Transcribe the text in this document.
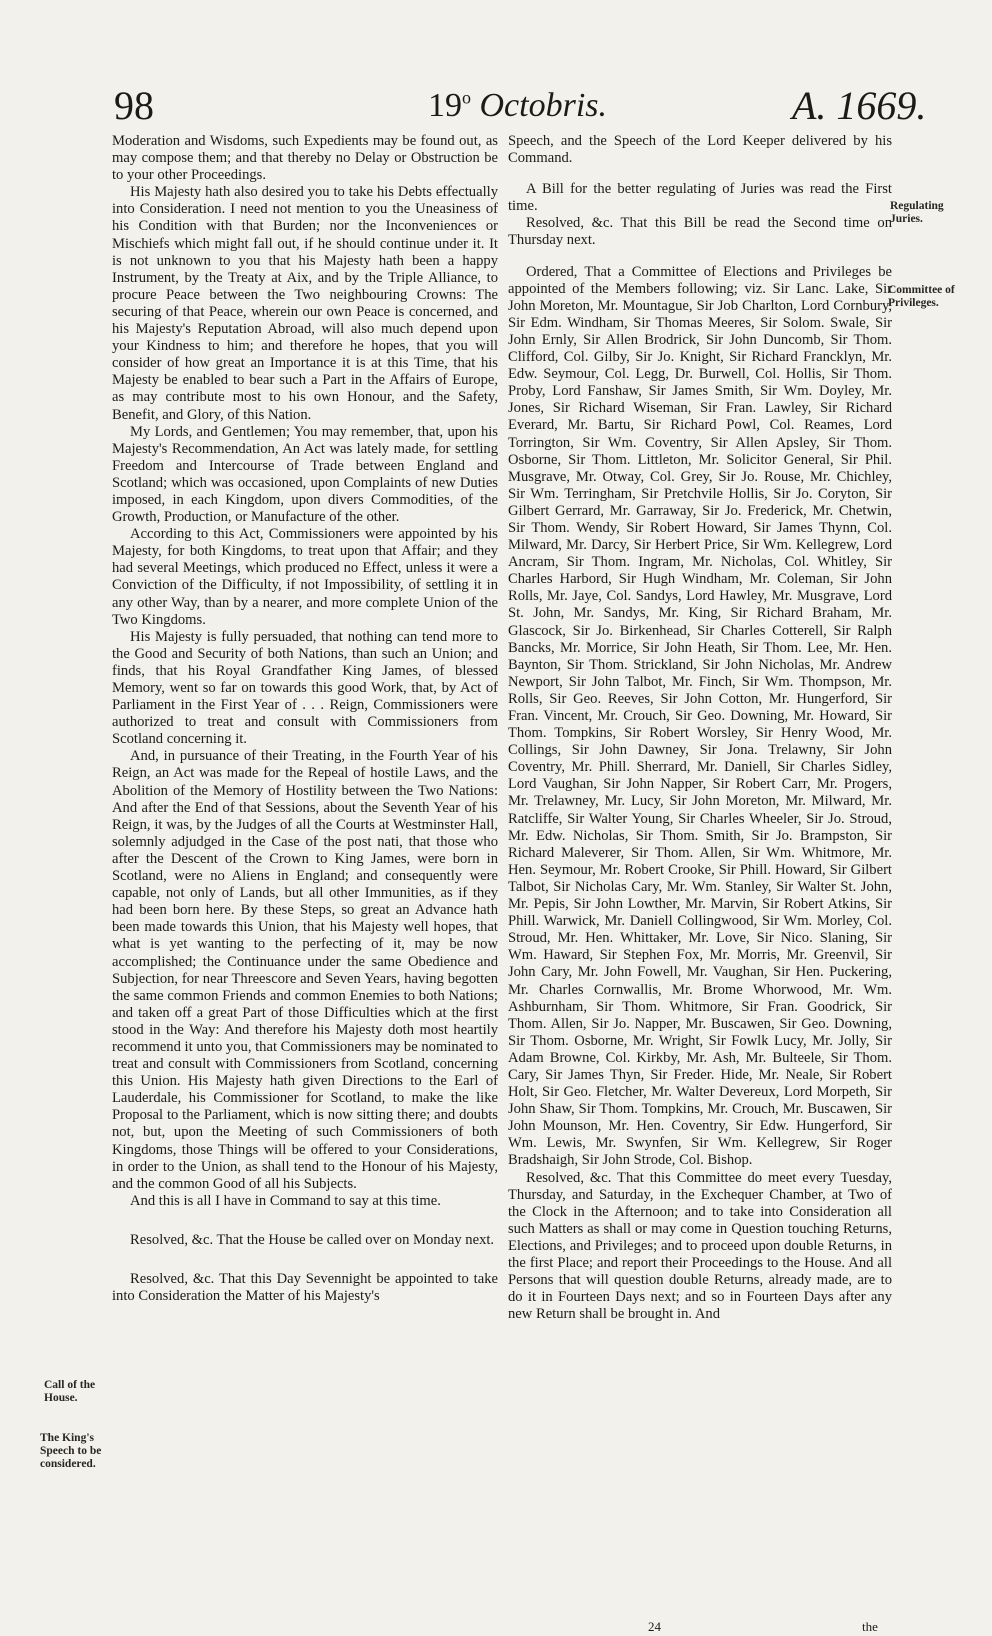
98	19$^o$ Octobris.	A. 1669.

Moderation and Wisdoms, such Expedients may be found out, as may compose them; and that thereby no Delay or Obstruction be to your other Proceedings.

His Majesty hath also desired you to take his Debts effectually into Consideration. I need not mention to you the Uneasiness of his Condition with that Burden; nor the Inconveniences or Mischiefs which might fall out, if he should continue under it. It is not unknown to you that his Majesty hath been a happy Instrument, by the Treaty at Aix, and by the Triple Alliance, to procure Peace between the Two neighbouring Crowns: The securing of that Peace, wherein our own Peace is concerned, and his Majesty's Reputation Abroad, will also much depend upon your Kindness to him; and therefore he hopes, that you will consider of how great an Importance it is at this Time, that his Majesty be enabled to bear such a Part in the Affairs of Europe, as may contribute most to his own Honour, and the Safety, Benefit, and Glory, of this Nation.

My Lords, and Gentlemen; You may remember, that, upon his Majesty's Recommendation, An Act was lately made, for settling Freedom and Intercourse of Trade between England and Scotland; which was occasioned, upon Complaints of new Duties imposed, in each Kingdom, upon divers Commodities, of the Growth, Production, or Manufacture of the other.

According to this Act, Commissioners were appointed by his Majesty, for both Kingdoms, to treat upon that Affair; and they had several Meetings, which produced no Effect, unless it were a Conviction of the Difficulty, if not Impossibility, of settling it in any other Way, than by a nearer, and more complete Union of the Two Kingdoms.

His Majesty is fully persuaded, that nothing can tend more to the Good and Security of both Nations, than such an Union; and finds, that his Royal Grandfather King James, of blessed Memory, went so far on towards this good Work, that, by Act of Parliament in the First Year of . . . Reign, Commissioners were authorized to treat and consult with Commissioners from Scotland concerning it.

And, in pursuance of their Treating, in the Fourth Year of his Reign, an Act was made for the Repeal of hostile Laws, and the Abolition of the Memory of Hostility between the Two Nations: And after the End of that Sessions, about the Seventh Year of his Reign, it was, by the Judges of all the Courts at Westminster Hall, solemnly adjudged in the Case of the post nati, that those who after the Descent of the Crown to King James, were born in Scotland, were no Aliens in England; and consequently were capable, not only of Lands, but all other Immunities, as if they had been born here. By these Steps, so great an Advance hath been made towards this Union, that his Majesty well hopes, that what is yet wanting to the perfecting of it, may be now accomplished; the Continuance under the same Obedience and Subjection, for near Threescore and Seven Years, having begotten the same common Friends and common Enemies to both Nations; and taken off a great Part of those Difficulties which at the first stood in the Way: And therefore his Majesty doth most heartily recommend it unto you, that Commissioners may be nominated to treat and consult with Commissioners from Scotland, concerning this Union. His Majesty hath given Directions to the Earl of Lauderdale, his Commissioner for Scotland, to make the like Proposal to the Parliament, which is now sitting there; and doubts not, but, upon the Meeting of such Commissioners of both Kingdoms, those Things will be offered to your Considerations, in order to the Union, as shall tend to the Honour of his Majesty, and the common Good of all his Subjects.

And this is all I have in Command to say at this time.

Resolved, &c. That the House be called over on Monday next.

Resolved, &c. That this Day Sevennight be appointed to take into Consideration the Matter of his Majesty's

Speech, and the Speech of the Lord Keeper delivered by his Command.

A Bill for the better regulating of Juries was read the First time.

Resolved, &c. That this Bill be read the Second time on Thursday next.

Ordered, That a Committee of Elections and Privileges be appointed of the Members following; viz. Sir Lanc. Lake, Sir John Moreton, Mr. Mountague, Sir Job Charlton, Lord Cornbury, Sir Edm. Windham, Sir Thomas Meeres, Sir Solom. Swale, Sir John Ernly, Sir Allen Brodrick, Sir John Duncomb, Sir Thom. Clifford, Col. Gilby, Sir Jo. Knight, Sir Richard Francklyn, Mr. Edw. Seymour, Col. Legg, Dr. Burwell, Col. Hollis, Sir Thom. Proby, Lord Fanshaw, Sir James Smith, Sir Wm. Doyley, Mr. Jones, Sir Richard Wiseman, Sir Fran. Lawley, Sir Richard Everard, Mr. Bartu, Sir Richard Powl, Col. Reames, Lord Torrington, Sir Wm. Coventry, Sir Allen Apsley, Sir Thom. Osborne, Sir Thom. Littleton, Mr. Solicitor General, Sir Phil. Musgrave, Mr. Otway, Col. Grey, Sir Jo. Rouse, Mr. Chichley, Sir Wm. Terringham, Sir Pretchvile Hollis, Sir Jo. Coryton, Sir Gilbert Gerrard, Mr. Garraway, Sir Jo. Frederick, Mr. Chetwin, Sir Thom. Wendy, Sir Robert Howard, Sir James Thynn, Col. Milward, Mr. Darcy, Sir Herbert Price, Sir Wm. Kellegrew, Lord Ancram, Sir Thom. Ingram, Mr. Nicholas, Col. Whitley, Sir Charles Harbord, Sir Hugh Windham, Mr. Coleman, Sir John Rolls, Mr. Jaye, Col. Sandys, Lord Hawley, Mr. Musgrave, Lord St. John, Mr. Sandys, Mr. King, Sir Richard Braham, Mr. Glascock, Sir Jo. Birkenhead, Sir Charles Cotterell, Sir Ralph Bancks, Mr. Morrice, Sir John Heath, Sir Thom. Lee, Mr. Hen. Baynton, Sir Thom. Strickland, Sir John Nicholas, Mr. Andrew Newport, Sir John Talbot, Mr. Finch, Sir Wm. Thompson, Mr. Rolls, Sir Geo. Reeves, Sir John Cotton, Mr. Hungerford, Sir Fran. Vincent, Mr. Crouch, Sir Geo. Downing, Mr. Howard, Sir Thom. Tompkins, Sir Robert Worsley, Sir Henry Wood, Mr. Collings, Sir John Dawney, Sir Jona. Trelawny, Sir John Coventry, Mr. Phill. Sherrard, Mr. Daniell, Sir Charles Sidley, Lord Vaughan, Sir John Napper, Sir Robert Carr, Mr. Progers, Mr. Trelawney, Mr. Lucy, Sir John Moreton, Mr. Milward, Mr. Ratcliffe, Sir Walter Young, Sir Charles Wheeler, Sir Jo. Stroud, Mr. Edw. Nicholas, Sir Thom. Smith, Sir Jo. Brampston, Sir Richard Maleverer, Sir Thom. Allen, Sir Wm. Whitmore, Mr. Hen. Seymour, Mr. Robert Crooke, Sir Phill. Howard, Sir Gilbert Talbot, Sir Nicholas Cary, Mr. Wm. Stanley, Sir Walter St. John, Mr. Pepis, Sir John Lowther, Mr. Marvin, Sir Robert Atkins, Sir Phill. Warwick, Mr. Daniell Collingwood, Sir Wm. Morley, Col. Stroud, Mr. Hen. Whittaker, Mr. Love, Sir Nico. Slaning, Sir Wm. Haward, Sir Stephen Fox, Mr. Morris, Mr. Greenvil, Sir John Cary, Mr. John Fowell, Mr. Vaughan, Sir Hen. Puckering, Mr. Charles Cornwallis, Mr. Brome Whorwood, Mr. Wm. Ashburnham, Sir Thom. Whitmore, Sir Fran. Goodrick, Sir Thom. Allen, Sir Jo. Napper, Mr. Buscawen, Sir Geo. Downing, Sir Thom. Osborne, Mr. Wright, Sir Fowlk Lucy, Mr. Jolly, Sir Adam Browne, Col. Kirkby, Mr. Ash, Mr. Bulteele, Sir Thom. Cary, Sir James Thyn, Sir Freder. Hide, Mr. Neale, Sir Robert Holt, Sir Geo. Fletcher, Mr. Walter Devereux, Lord Morpeth, Sir John Shaw, Sir Thom. Tompkins, Mr. Crouch, Mr. Buscawen, Sir John Mounson, Mr. Hen. Coventry, Sir Edw. Hungerford, Sir Wm. Lewis, Mr. Swynfen, Sir Wm. Kellegrew, Sir Roger Bradshaigh, Sir John Strode, Col. Bishop.

Resolved, &c. That this Committee do meet every Tuesday, Thursday, and Saturday, in the Exchequer Chamber, at Two of the Clock in the Afternoon; and to take into Consideration all such Matters as shall or may come in Question touching Returns, Elections, and Privileges; and to proceed upon double Returns, in the first Place; and report their Proceedings to the House. And all Persons that will question double Returns, already made, are to do it in Fourteen Days next; and so in Fourteen Days after any new Return shall be brought in. And

Call of the House.
The King's Speech to be considered.
Regulating Juries.
Committee of Privileges.
24	the
